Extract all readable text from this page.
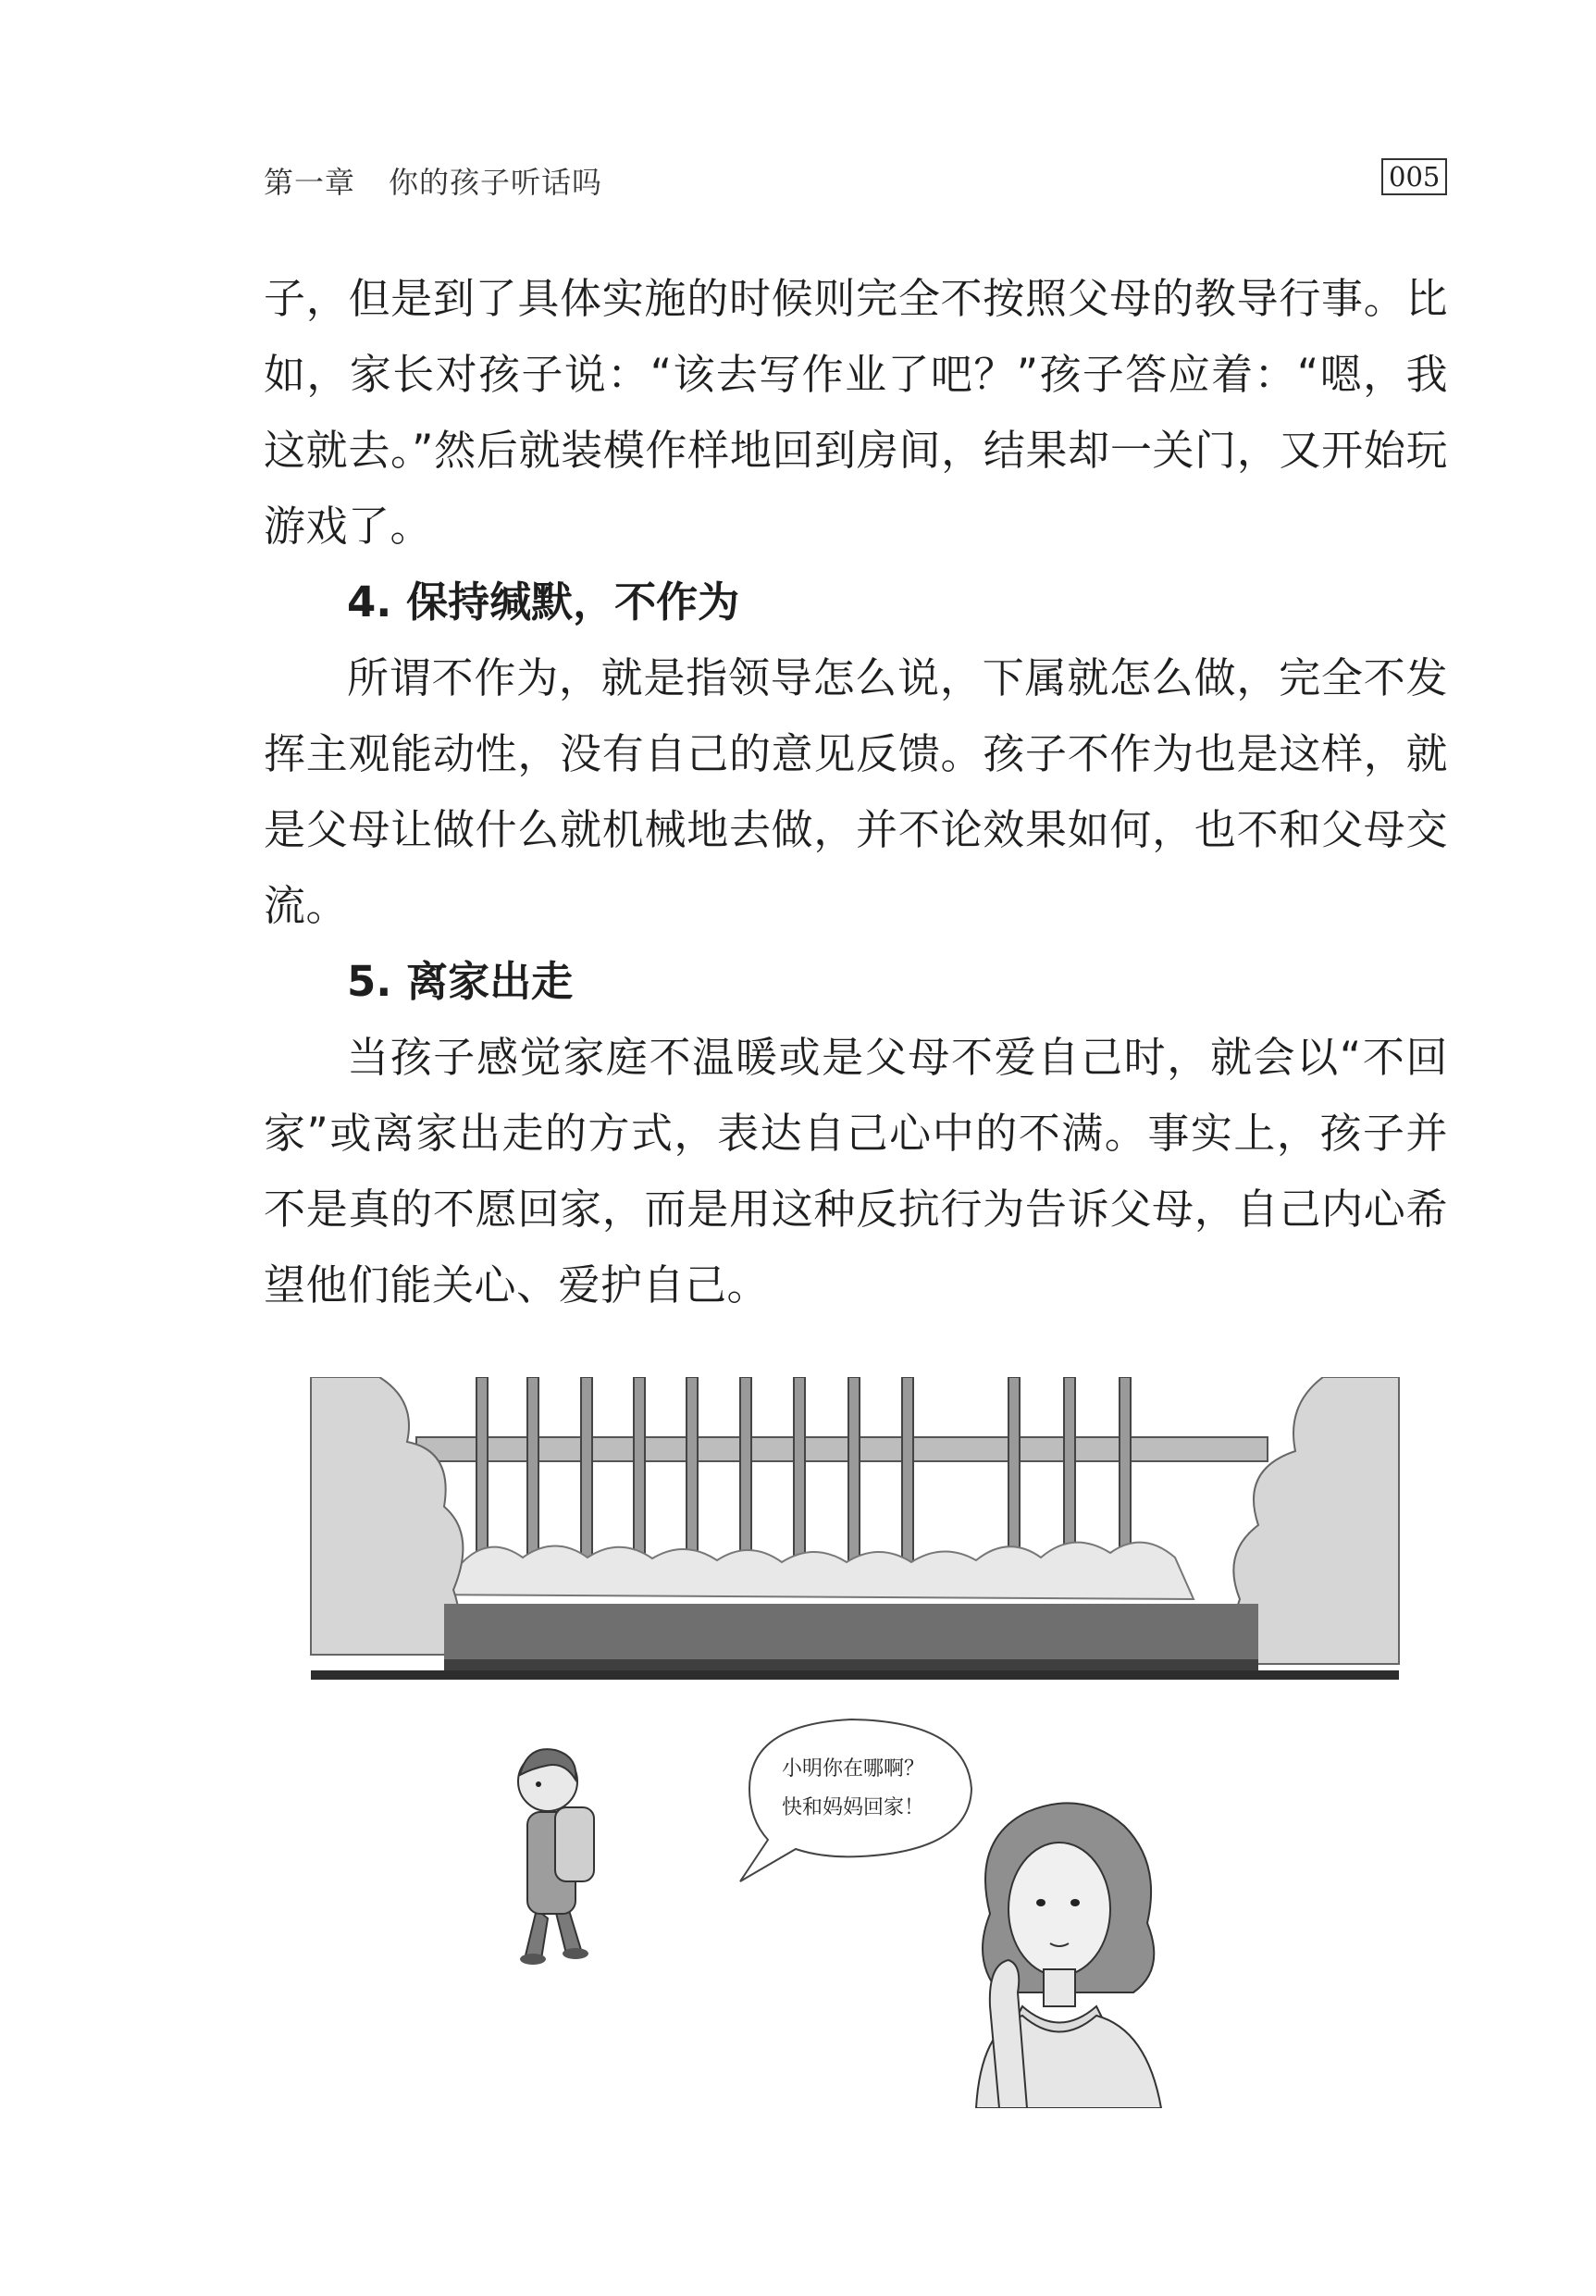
第一章 你的孩子听话吗	005

子，但是到了具体实施的时候则完全不按照父母的教导行事。比如，家长对孩子说：“该去写作业了吧？”孩子答应着：“嗯，我这就去。”然后就装模作样地回到房间，结果却一关门，又开始玩游戏了。

4. 保持缄默，不作为

所谓不作为，就是指领导怎么说，下属就怎么做，完全不发挥主观能动性，没有自己的意见反馈。孩子不作为也是这样，就是父母让做什么就机械地去做，并不论效果如何，也不和父母交流。

5. 离家出走

当孩子感觉家庭不温暖或是父母不爱自己时，就会以“不回家”或离家出走的方式，表达自己心中的不满。事实上，孩子并不是真的不愿回家，而是用这种反抗行为告诉父母，自己内心希望他们能关心、爱护自己。

小明你在哪啊？
快和妈妈回家！
